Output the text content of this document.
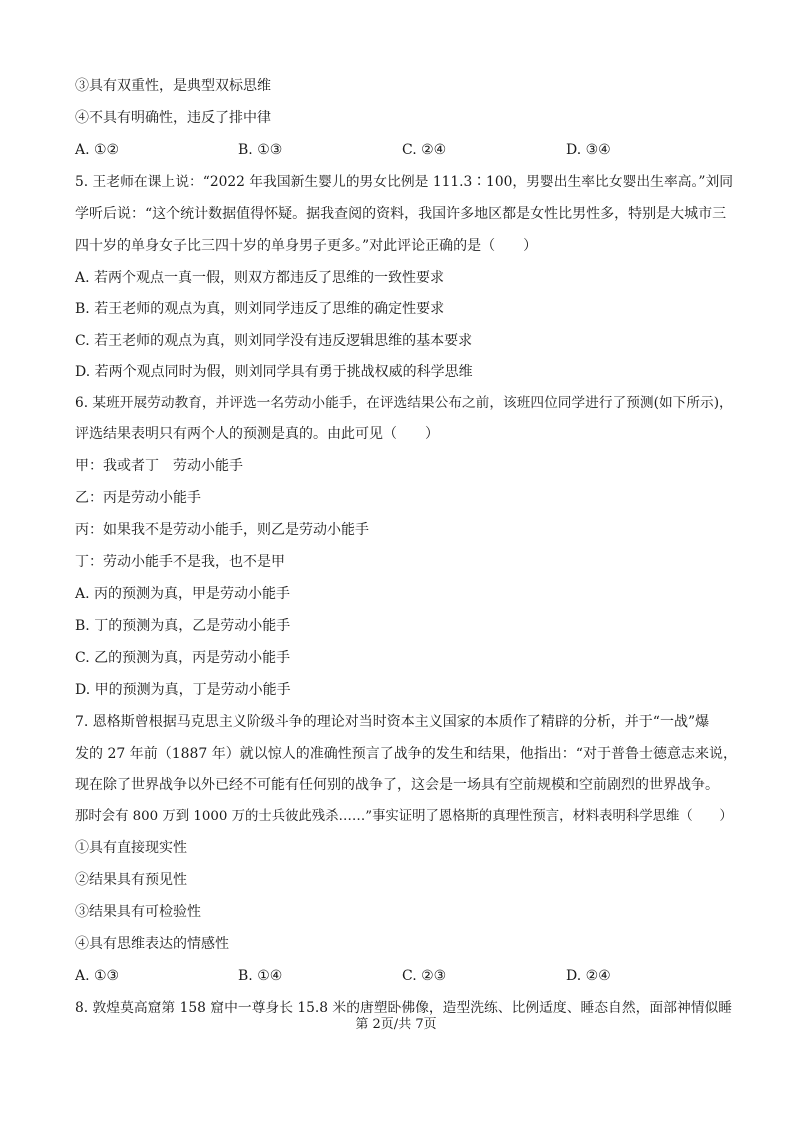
③具有双重性，是典型双标思维
④不具有明确性，违反了排中律
A. ①②	B. ①③	C. ②④	D. ③④
5. 王老师在课上说：“2022 年我国新生婴儿的男女比例是 111.3∶100，男婴出生率比女婴出生率高。”刘同
学听后说：“这个统计数据值得怀疑。据我查阅的资料，我国许多地区都是女性比男性多，特别是大城市三
四十岁的单身女子比三四十岁的单身男子更多。”对此评论正确的是（　　）
A. 若两个观点一真一假，则双方都违反了思维的一致性要求
B. 若王老师的观点为真，则刘同学违反了思维的确定性要求
C. 若王老师的观点为真，则刘同学没有违反逻辑思维的基本要求
D. 若两个观点同时为假，则刘同学具有勇于挑战权威的科学思维
6. 某班开展劳动教育，并评选一名劳动小能手，在评选结果公布之前，该班四位同学进行了预测(如下所示)，
评选结果表明只有两个人的预测是真的。由此可见（　　）
甲：我或者丁　劳动小能手
乙：丙是劳动小能手
丙：如果我不是劳动小能手，则乙是劳动小能手
丁：劳动小能手不是我，也不是甲
A. 丙的预测为真，甲是劳动小能手
B. 丁的预测为真，乙是劳动小能手
C. 乙的预测为真，丙是劳动小能手
D. 甲的预测为真，丁是劳动小能手
7. 恩格斯曾根据马克思主义阶级斗争的理论对当时资本主义国家的本质作了精辟的分析，并于“一战”爆
发的 27 年前（1887 年）就以惊人的准确性预言了战争的发生和结果，他指出：“对于普鲁士德意志来说，
现在除了世界战争以外已经不可能有任何别的战争了，这会是一场具有空前规模和空前剧烈的世界战争。
那时会有 800 万到 1000 万的士兵彼此残杀……”事实证明了恩格斯的真理性预言，材料表明科学思维（　　）
①具有直接现实性
②结果具有预见性
③结果具有可检验性
④具有思维表达的情感性
A. ①③	B. ①④	C. ②③	D. ②④
8. 敦煌莫高窟第 158 窟中一尊身长 15.8 米的唐塑卧佛像，造型洗练、比例适度、睡态自然，面部神情似睡
第 2页/共 7页
